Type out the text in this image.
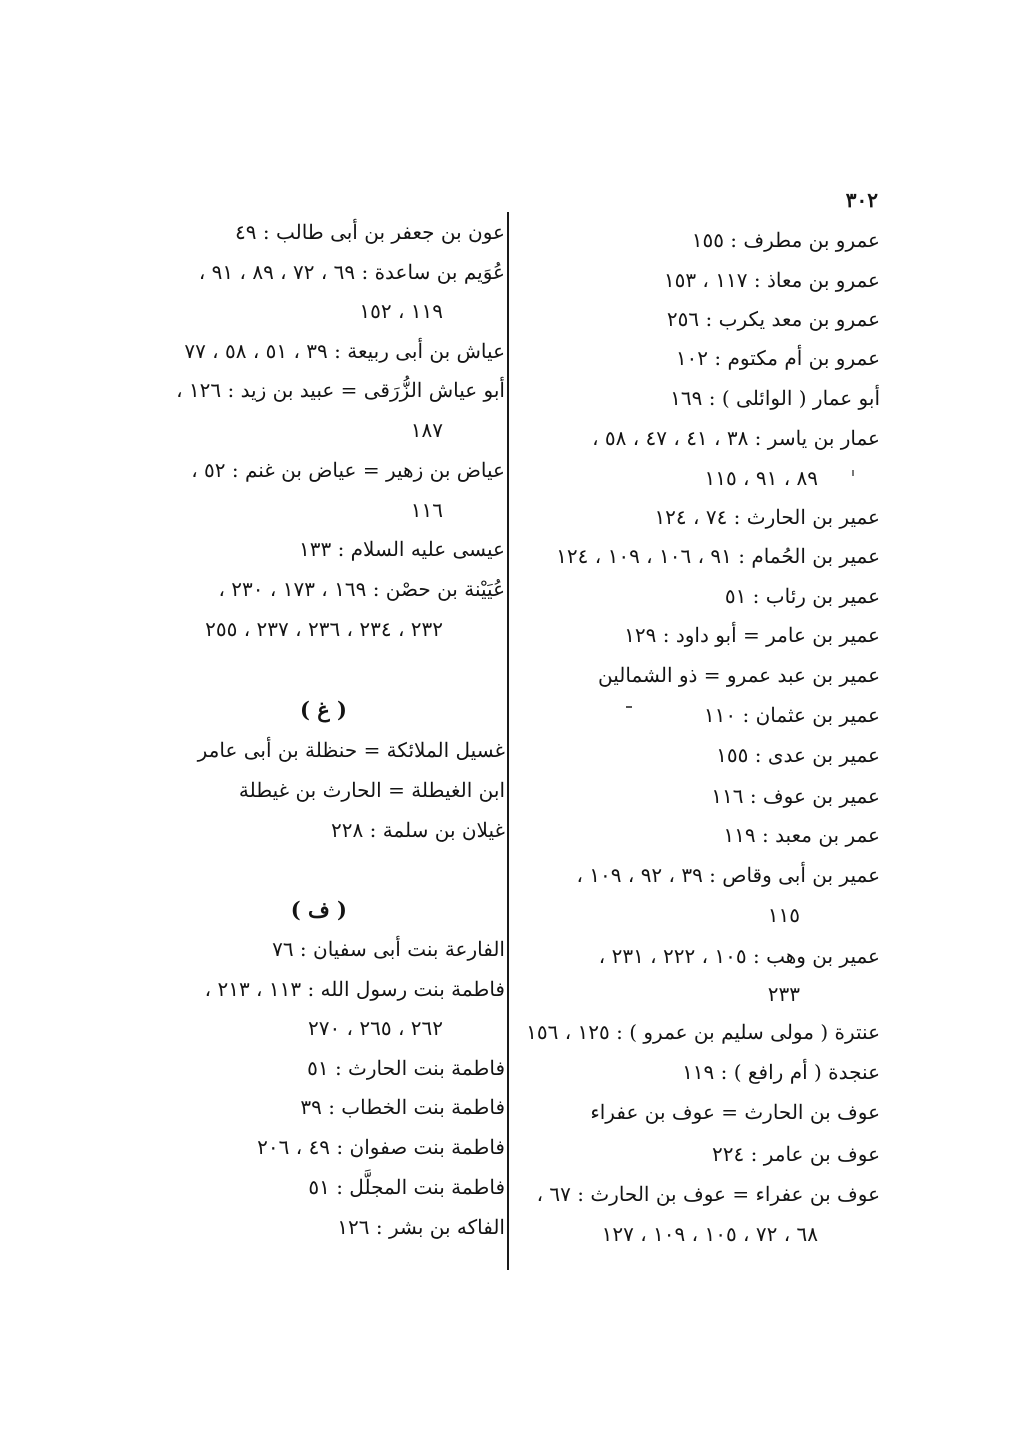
٣٠٢
عمرو بن مطرف : ١٥٥
عمرو بن معاذ : ١١٧ ، ١٥٣
عمرو بن معد يكرب : ٢٥٦
عمرو بن أم مكتوم : ١٠٢
أبو عمار ( الوائلى ) : ١٦٩
عمار بن ياسر : ٣٨ ، ٤١ ، ٤٧ ، ٥٨ ،
٨٩ ، ٩١ ، ١١٥
عمير بن الحارث : ٧٤ ، ١٢٤
عمير بن الحُمام : ٩١ ، ١٠٦ ، ١٠٩ ، ١٢٤
عمير بن رئاب : ٥١
عمير بن عامر = أبو داود : ١٢٩
عمير بن عبد عمرو = ذو الشمالين
عمير بن عثمان : ١١٠
عمير بن عدى : ١٥٥
عمير بن عوف : ١١٦
عمر بن معبد : ١١٩
عمير بن أبى وقاص : ٣٩ ، ٩٢ ، ١٠٩ ،
١١٥
عمير بن وهب : ١٠٥ ، ٢٢٢ ، ٢٣١ ،
٢٣٣
عنترة ( مولى سليم بن عمرو ) : ١٢٥ ، ١٥٦
عنجدة ( أم رافع ) : ١١٩
عوف بن الحارث = عوف بن عفراء
عوف بن عامر : ٢٢٤
عوف بن عفراء = عوف بن الحارث : ٦٧ ،
٦٨ ، ٧٢ ، ١٠٥ ، ١٠٩ ، ١٢٧
عون بن جعفر بن أبى طالب : ٤٩
عُوَيم بن ساعدة : ٦٩ ، ٧٢ ، ٨٩ ، ٩١ ،
١١٩ ، ١٥٢
عياش بن أبى ربيعة : ٣٩ ، ٥١ ، ٥٨ ، ٧٧
أبو عياش الزُّرَقى = عبيد بن زيد : ١٢٦ ،
١٨٧
عياض بن زهير = عياض بن غنم : ٥٢ ،
١١٦
عيسى عليه السلام : ١٣٣
عُيَيْنة بن حصْن : ١٦٩ ، ١٧٣ ، ٢٣٠ ،
٢٣٢ ، ٢٣٤ ، ٢٣٦ ، ٢٣٧ ، ٢٥٥
( غ )
غسيل الملائكة = حنظلة بن أبى عامر
ابن الغيطلة = الحارث بن غيطلة
غيلان بن سلمة : ٢٢٨
( ف )
الفارعة بنت أبى سفيان : ٧٦
فاطمة بنت رسول الله : ١١٣ ، ٢١٣ ،
٢٦٢ ، ٢٦٥ ، ٢٧٠
فاطمة بنت الحارث : ٥١
فاطمة بنت الخطاب : ٣٩
فاطمة بنت صفوان : ٤٩ ، ٢٠٦
فاطمة بنت المجلَّل : ٥١
الفاكه بن بشر : ١٢٦
